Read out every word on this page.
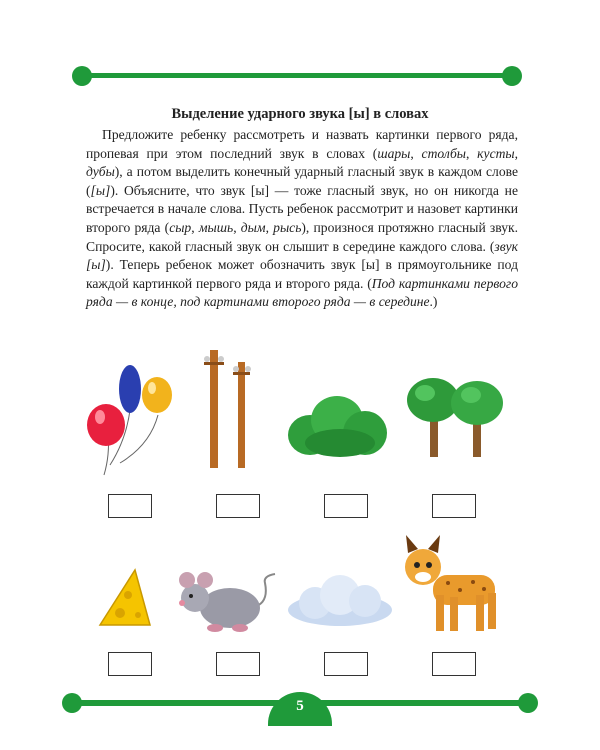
Выделение ударного звука [ы] в словах

Предложите ребенку рассмотреть и назвать картинки первого ряда, пропевая при этом последний звук в словах (шары, столбы, кусты, дубы), а потом выделить конечный ударный гласный звук в каждом слове ([ы]). Объясните, что звук [ы] — тоже гласный звук, но он никогда не встречается в начале слова. Пусть ребенок рассмотрит и назовет картинки второго ряда (сыр, мышь, дым, рысь), произнося протяжно гласный звук. Спросите, какой гласный звук он слышит в середине каждого слова. (звук [ы]). Теперь ребенок может обозначить звук [ы] в прямоугольнике под каждой картинкой первого ряда и второго ряда. (Под картинками первого ряда — в конце, под картинами второго ряда — в середине.)

5
